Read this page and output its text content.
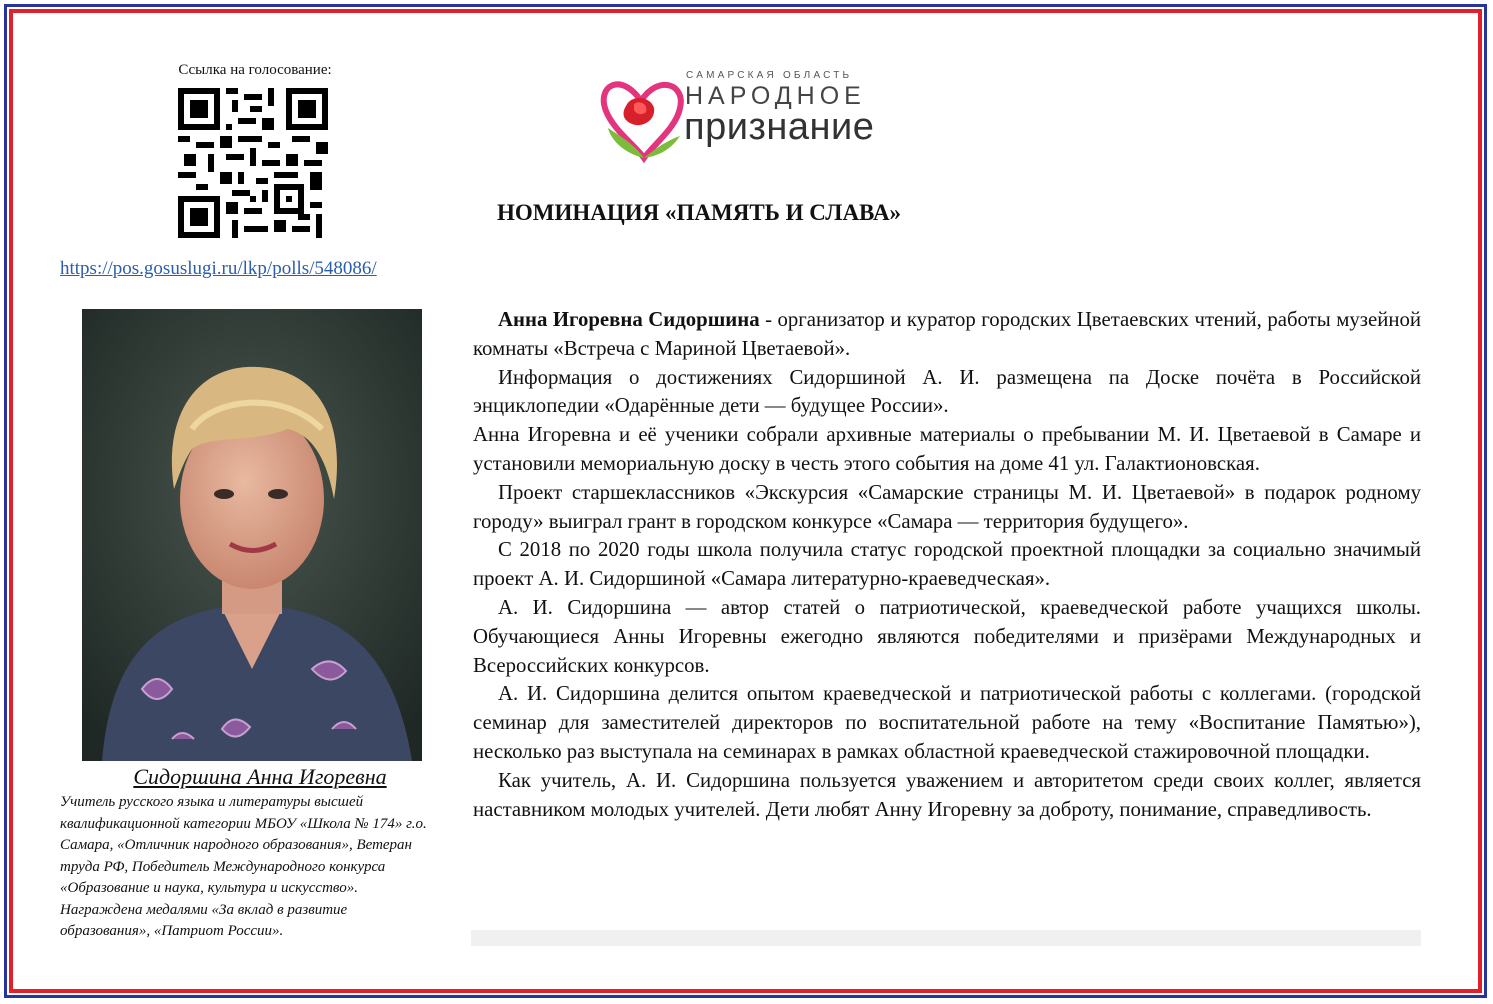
Ссылка на голосование:
https://pos.gosuslugi.ru/lkp/polls/548086/
САМАРСКАЯ ОБЛАСТЬ
НАРОДНОЕ
признание
НОМИНАЦИЯ «ПАМЯТЬ И СЛАВА»
Сидоршина Анна Игоревна
Учитель русского языка и литературы высшей квалификационной категории МБОУ «Школа № 174» г.о. Самара, «Отличник народного образования», Ветеран труда РФ, Победитель Международного конкурса «Образование и наука, культура и искусство». Награждена медалями «За вклад в развитие образования», «Патриот России».

Анна Игоревна Сидоршина - организатор и куратор городских Цветаевских чтений, работы музейной комнаты «Встреча с Мариной Цветаевой».

Информация о достижениях Сидоршиной А. И. размещена па Доске почёта в Российской энциклопедии «Одарённые дети — будущее России».

Анна Игоревна и её ученики собрали архивные материалы о пребывании М. И. Цветаевой в Самаре и установили мемориальную доску в честь этого события на доме 41 ул. Галактионовская.

Проект старшеклассников «Экскурсия «Самарские страницы М. И. Цветаевой» в подарок родному городу» выиграл грант в городском конкурсе «Самара — территория будущего».

С 2018 по 2020 годы школа получила статус городской проектной площадки за социально значимый проект А. И. Сидоршиной «Самара литературно-краеведческая».

А. И. Сидоршина — автор статей о патриотической, краеведческой работе учащихся школы. Обучающиеся Анны Игоревны ежегодно являются победителями и призёрами Международных и Всероссийских конкурсов.

А. И. Сидоршина делится опытом краеведческой и патриотической работы с коллегами. (городской семинар для заместителей директоров по воспитательной работе на тему «Воспитание Памятью»), несколько раз выступала на семинарах в рамках областной краеведческой стажировочной площадки.

Как учитель, А. И. Сидоршина пользуется уважением и авторитетом среди своих коллег, является наставником молодых учителей. Дети любят Анну Игоревну за доброту, понимание, справедливость.
